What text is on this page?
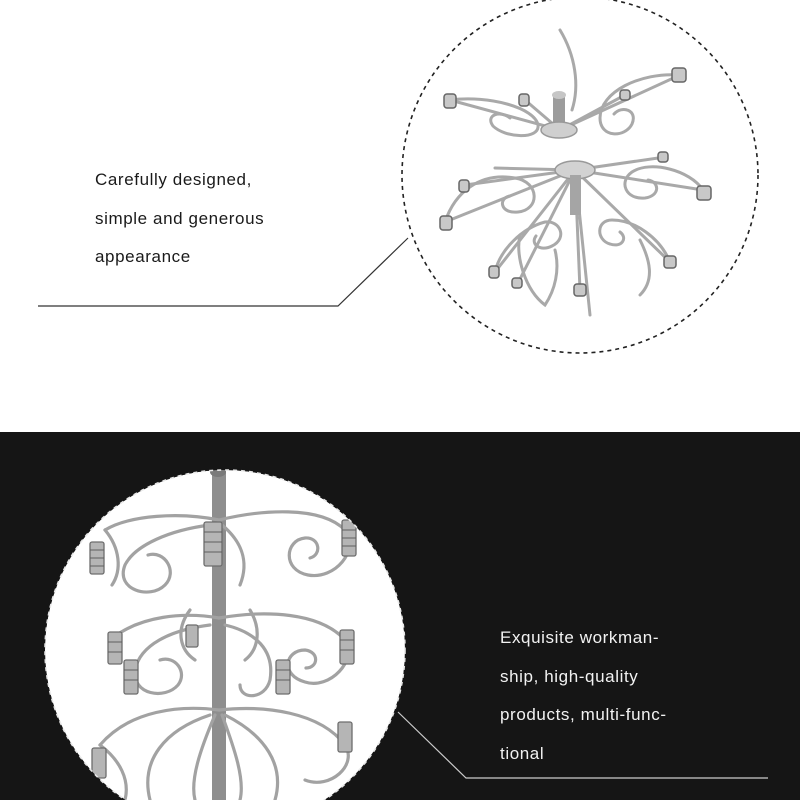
Carefully designed,
simple and generous
appearance
Exquisite workman-
ship, high-quality
products, multi-func-
tional
